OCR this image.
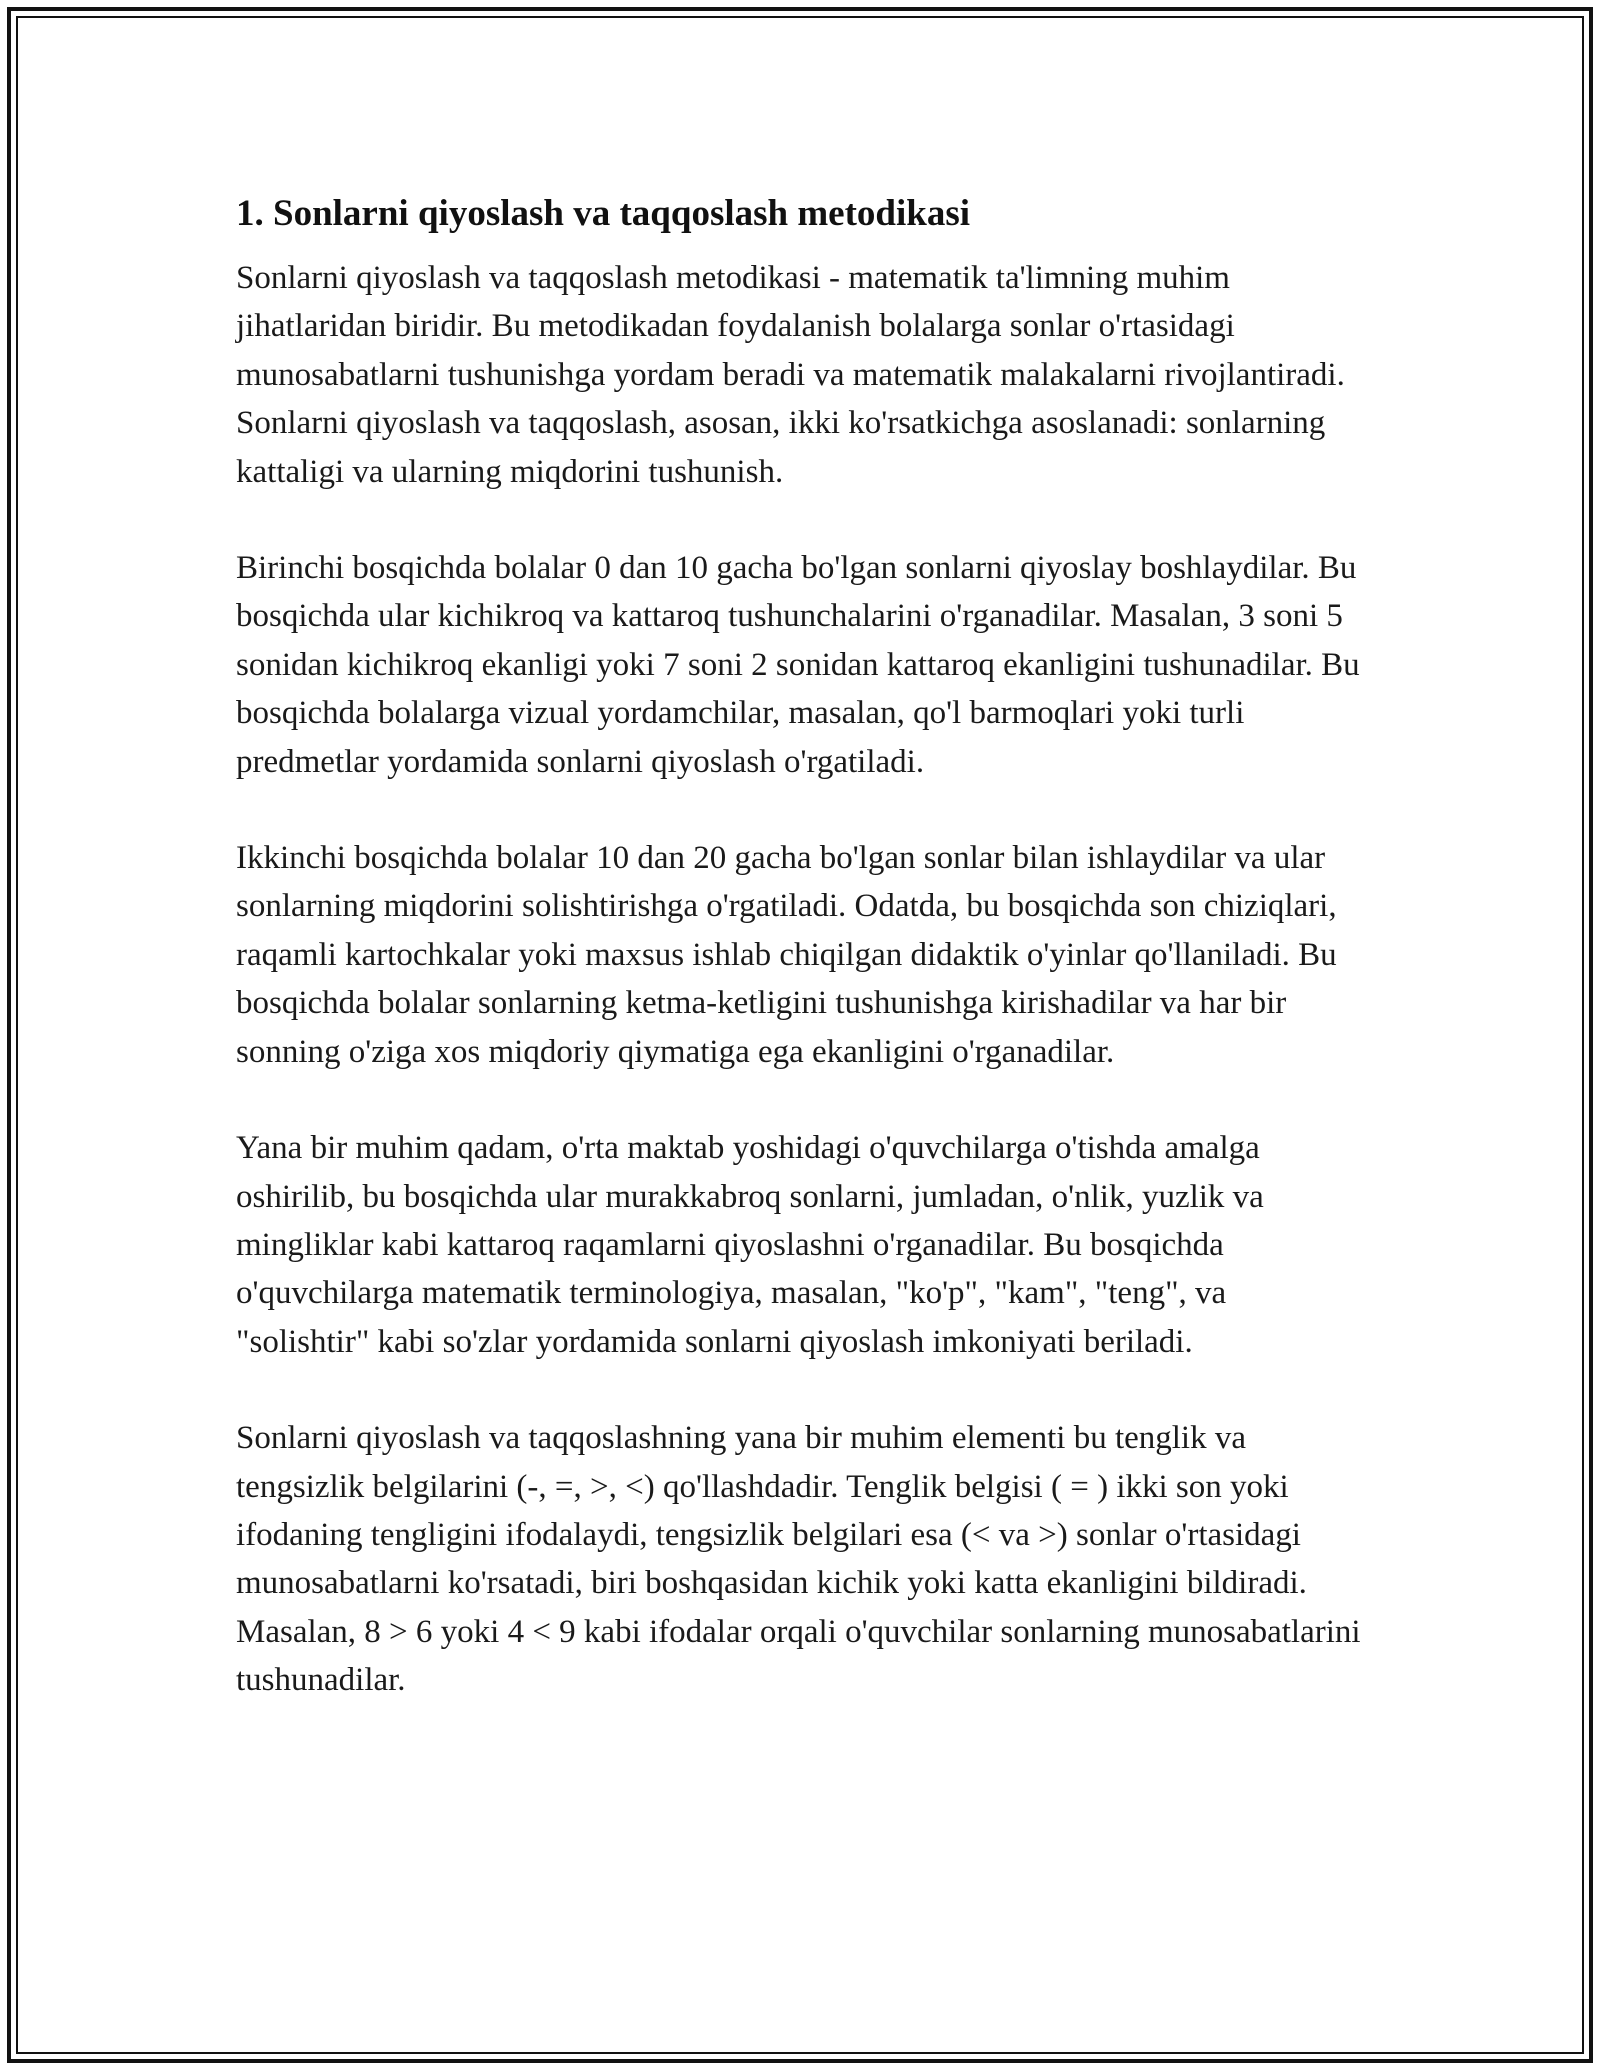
1. Sonlarni qiyoslash va taqqoslash metodikasi

Sonlarni qiyoslash va taqqoslash metodikasi - matematik ta'limning muhim jihatlaridan biridir. Bu metodikadan foydalanish bolalarga sonlar o'rtasidagi munosabatlarni tushunishga yordam beradi va matematik malakalarni rivojlantiradi. Sonlarni qiyoslash va taqqoslash, asosan, ikki ko'rsatkichga asoslanadi: sonlarning kattaligi va ularning miqdorini tushunish.

Birinchi bosqichda bolalar 0 dan 10 gacha bo'lgan sonlarni qiyoslay boshlaydilar. Bu bosqichda ular kichikroq va kattaroq tushunchalarini o'rganadilar. Masalan, 3 soni 5 sonidan kichikroq ekanligi yoki 7 soni 2 sonidan kattaroq ekanligini tushunadilar. Bu bosqichda bolalarga vizual yordamchilar, masalan, qo'l barmoqlari yoki turli predmetlar yordamida sonlarni qiyoslash o'rgatiladi.

Ikkinchi bosqichda bolalar 10 dan 20 gacha bo'lgan sonlar bilan ishlaydilar va ular sonlarning miqdorini solishtirishga o'rgatiladi. Odatda, bu bosqichda son chiziqlari, raqamli kartochkalar yoki maxsus ishlab chiqilgan didaktik o'yinlar qo'llaniladi. Bu bosqichda bolalar sonlarning ketma-ketligini tushunishga kirishadilar va har bir sonning o'ziga xos miqdoriy qiymatiga ega ekanligini o'rganadilar.

Yana bir muhim qadam, o'rta maktab yoshidagi o'quvchilarga o'tishda amalga oshirilib, bu bosqichda ular murakkabroq sonlarni, jumladan, o'nlik, yuzlik va mingliklar kabi kattaroq raqamlarni qiyoslashni o'rganadilar. Bu bosqichda o'quvchilarga matematik terminologiya, masalan, "ko'p", "kam", "teng", va "solishtir" kabi so'zlar yordamida sonlarni qiyoslash imkoniyati beriladi.

Sonlarni qiyoslash va taqqoslashning yana bir muhim elementi bu tenglik va tengsizlik belgilarini (-, =, >, <) qo'llashdadir. Tenglik belgisi ( = ) ikki son yoki ifodaning tengligini ifodalaydi, tengsizlik belgilari esa (< va >) sonlar o'rtasidagi munosabatlarni ko'rsatadi, biri boshqasidan kichik yoki katta ekanligini bildiradi. Masalan, 8 > 6 yoki 4 < 9 kabi ifodalar orqali o'quvchilar sonlarning munosabatlarini tushunadilar.
